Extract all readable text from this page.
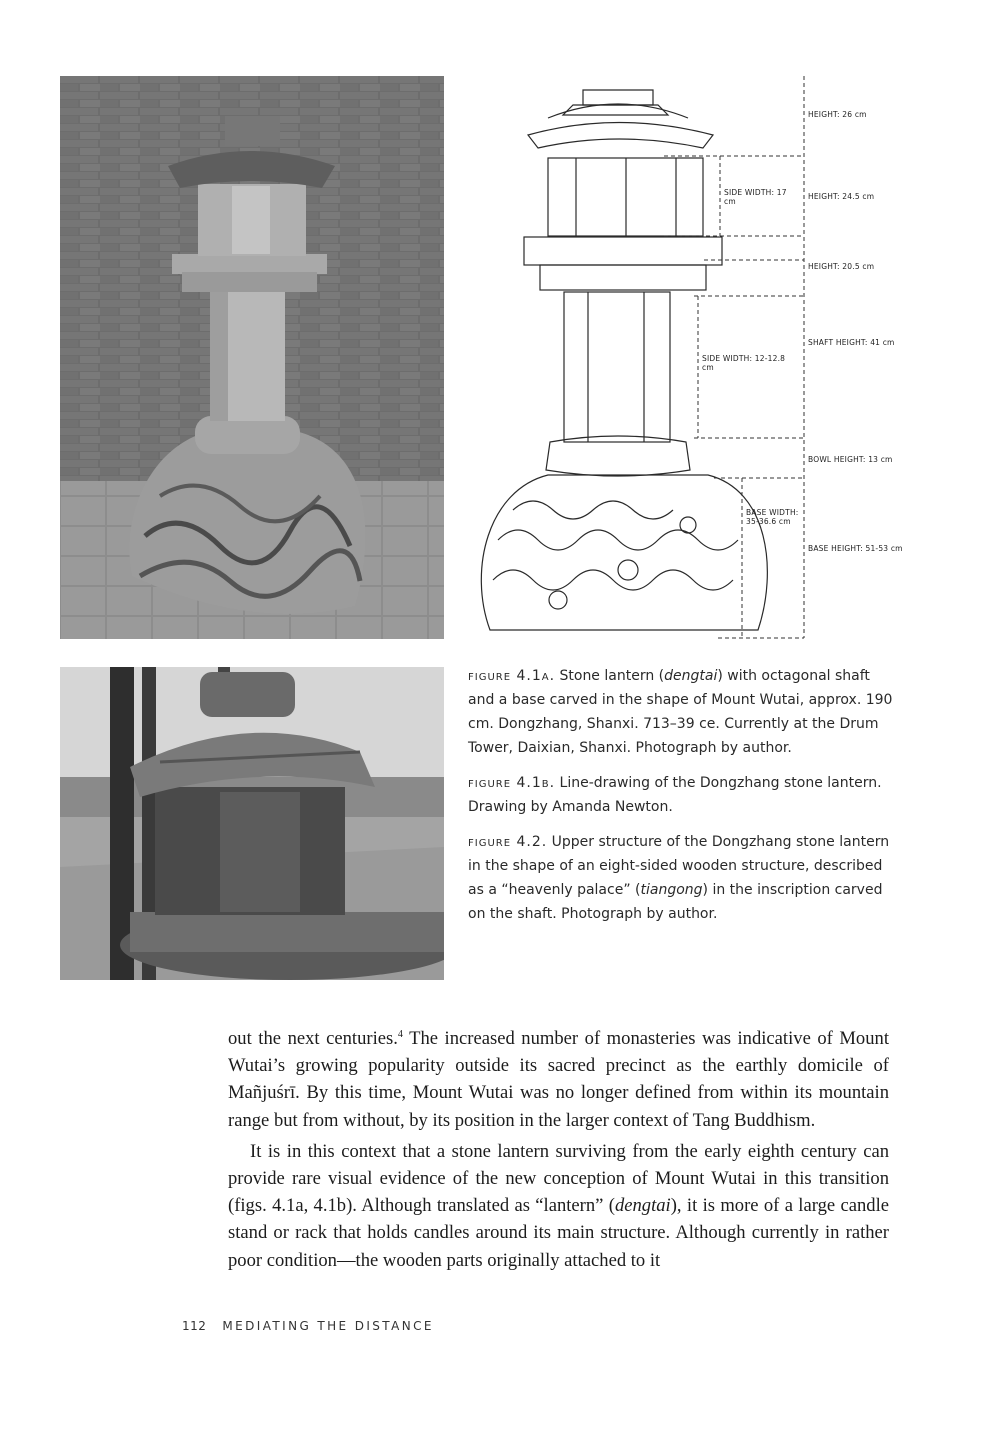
HEIGHT: 26 cm
SIDE WIDTH: 17 cm
HEIGHT: 24.5 cm
HEIGHT: 20.5 cm
SIDE WIDTH: 12-12.8 cm
SHAFT HEIGHT: 41 cm
BOWL HEIGHT: 13 cm
BASE WIDTH: 35-36.6 cm
BASE HEIGHT: 51-53 cm

figure 4.1a. Stone lantern (dengtai) with octagonal shaft and a base carved in the shape of Mount Wutai, approx. 190 cm. Dongzhang, Shanxi. 713–39 ce. Currently at the Drum Tower, Daixian, Shanxi. Photograph by author.

figure 4.1b. Line-drawing of the Dongzhang stone lantern. Drawing by Amanda Newton.

figure 4.2. Upper structure of the Dongzhang stone lantern in the shape of an eight-sided wooden structure, described as a “heavenly palace” (tiangong) in the inscription carved on the shaft. Photograph by author.

out the next centuries.$^4$ The increased number of monasteries was indicative of Mount Wutai’s growing popularity outside its sacred precinct as the earthly domicile of Mañjuśrī. By this time, Mount Wutai was no longer defined from within its mountain range but from without, by its position in the larger context of Tang Buddhism.

It is in this context that a stone lantern surviving from the early eighth century can provide rare visual evidence of the new conception of Mount Wutai in this transition (figs. 4.1a, 4.1b). Although translated as “lantern” (dengtai), it is more of a large candle stand or rack that holds candles around its main structure. Although currently in rather poor condition—the wooden parts originally attached to it

112 MEDIATING THE DISTANCE
